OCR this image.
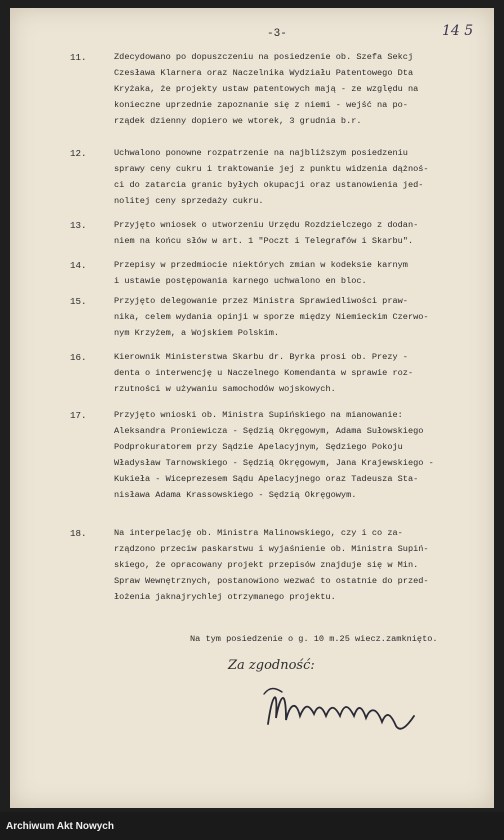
-3-	14 5
11.	Zdecydowano po dopuszczeniu na posiedzenie ob. Szefa Sekcj
Czesława Klarnera oraz Naczelnika Wydziału Patentowego Dta
Kryżaka, że projekty ustaw patentowych mają - ze względu na
konieczne uprzednie zapoznanie się z niemi - wejść na po-
rządek dzienny dopiero we wtorek, 3 grudnia b.r.
12.	Uchwalono ponowne rozpatrzenie na najbliższym posiedzeniu
sprawy ceny cukru i traktowanie jej z punktu widzenia dążnoś-
ci do zatarcia granic byłych okupacji oraz ustanowienia jed-
nolitej ceny sprzedaży cukru.
13.	Przyjęto wniosek o utworzeniu Urzędu Rozdzielczego z dodan-
niem na końcu słów w art. 1 "Poczt i Telegrafów i Skarbu".
14.	Przepisy w przedmiocie niektórych zmian w kodeksie karnym
i ustawie postępowania karnego uchwalono en bloc.
15.	Przyjęto delegowanie przez Ministra Sprawiedliwości praw-
nika, celem wydania opinji w sporze między Niemieckim Czerwo-
nym Krzyżem, a Wojskiem Polskim.
16.	Kierownik Ministerstwa Skarbu dr. Byrka prosi ob. Prezy -
denta o interwencję u Naczelnego Komendanta w sprawie roz-
rzutności w używaniu samochodów wojskowych.
17.	Przyjęto wnioski ob. Ministra Supińskiego na mianowanie:
Aleksandra Proniewicza - Sędzią Okręgowym, Adama Sułowskiego
Podprokuratorem przy Sądzie Apelacyjnym, Sędziego Pokoju
Władysław Tarnowskiego - Sędzią Okręgowym, Jana Krajewskiego -
Kukieła - Wiceprezesem Sądu Apelacyjnego oraz Tadeusza Sta-
nisława Adama Krassowskiego - Sędzią Okręgowym.
18.	Na interpelację ob. Ministra Malinowskiego, czy i co za-
rządzono przeciw paskarstwu i wyjaśnienie ob. Ministra Supiń-
skiego, że opracowany projekt przepisów znajduje się w Min.
Spraw Wewnętrznych, postanowiono wezwać to ostatnie do przed-
łożenia jaknajrychlej otrzymanego projektu.
Na tym posiedzenie o g. 10 m.25 wiecz.zamknięto.
Za zgodność:
Archiwum Akt Nowych
